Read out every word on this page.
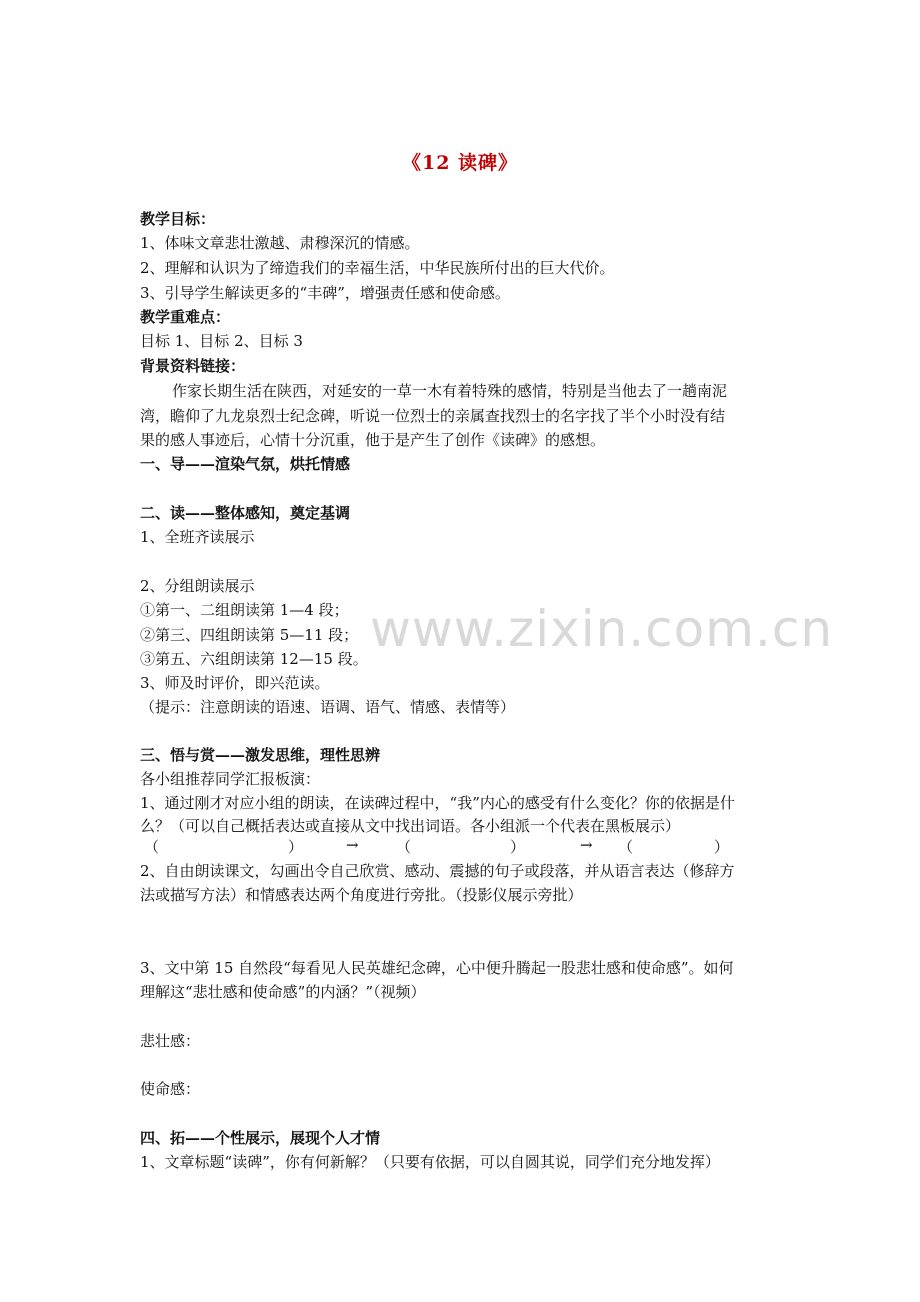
www.zixin.com.cn
《12 读碑》
教学目标：
1、体味文章悲壮激越、肃穆深沉的情感。
2、理解和认识为了缔造我们的幸福生活，中华民族所付出的巨大代价。
3、引导学生解读更多的“丰碑”，增强责任感和使命感。
教学重难点：
目标 1、目标 2、目标 3
背景资料链接：
作家长期生活在陕西，对延安的一草一木有着特殊的感情，特别是当他去了一趟南泥
湾，瞻仰了九龙泉烈士纪念碑，听说一位烈士的亲属查找烈士的名字找了半个小时没有结
果的感人事迹后，心情十分沉重，他于是产生了创作《读碑》的感想。
一、导——渲染气氛，烘托情感
二、读——整体感知，奠定基调
1、全班齐读展示
2、分组朗读展示
①第一、二组朗读第 1—4 段；
②第三、四组朗读第 5—11 段；
③第五、六组朗读第 12—15 段。
3、师及时评价，即兴范读。
（提示：注意朗读的语速、语调、语气、情感、表情等）
三、悟与赏——激发思维，理性思辨
各小组推荐同学汇报板演：
1、通过刚才对应小组的朗读，在读碑过程中，“我”内心的感受有什么变化？你的依据是什
么？（可以自己概括表达或直接从文中找出词语。各小组派一个代表在黑板展示）
（	）	→ （	）	→ （	）
2、自由朗读课文，勾画出令自己欣赏、感动、震撼的句子或段落，并从语言表达（修辞方
法或描写方法）和情感表达两个角度进行旁批。（投影仪展示旁批）
3、文中第 15 自然段“每看见人民英雄纪念碑，心中便升腾起一股悲壮感和使命感”。如何
理解这“悲壮感和使命感”的内涵？”（视频）
悲壮感：
使命感：
四、拓——个性展示，展现个人才情
1、文章标题“读碑”，你有何新解？（只要有依据，可以自圆其说，同学们充分地发挥）
